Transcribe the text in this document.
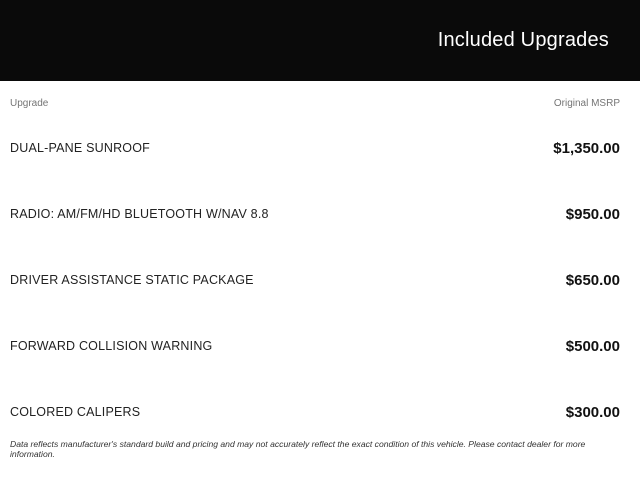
Included Upgrades
Upgrade	Original MSRP
DUAL-PANE SUNROOF	$1,350.00
RADIO: AM/FM/HD BLUETOOTH W/NAV 8.8	$950.00
DRIVER ASSISTANCE STATIC PACKAGE	$650.00
FORWARD COLLISION WARNING	$500.00
COLORED CALIPERS	$300.00
Data reflects manufacturer's standard build and pricing and may not accurately reflect the exact condition of this vehicle. Please contact dealer for more information.
